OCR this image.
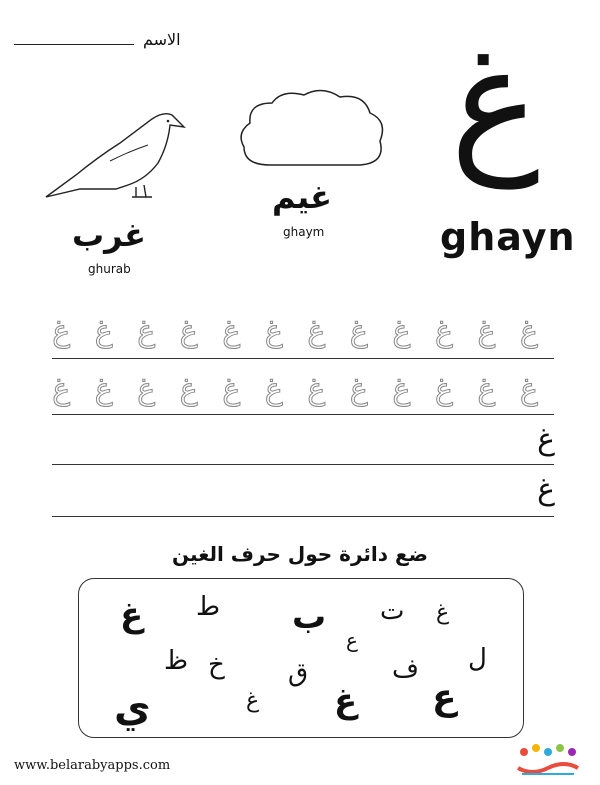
الاسم غ
ghayn
غيم
ghaym
غرب
ghurab
غ
غ
غ
غ
غ
غ
غ
غ
غ
غ
غ
غ
غ
غ
غ
غ
غ
غ
غ
غ
غ
غ
غ
غ
غ
غ
ضع دائرة حول حرف الغين
غ ط ب ت غ
ع
ظ خ ق	ف ل
ي	غ غ ع
www.belarabyapps.com
